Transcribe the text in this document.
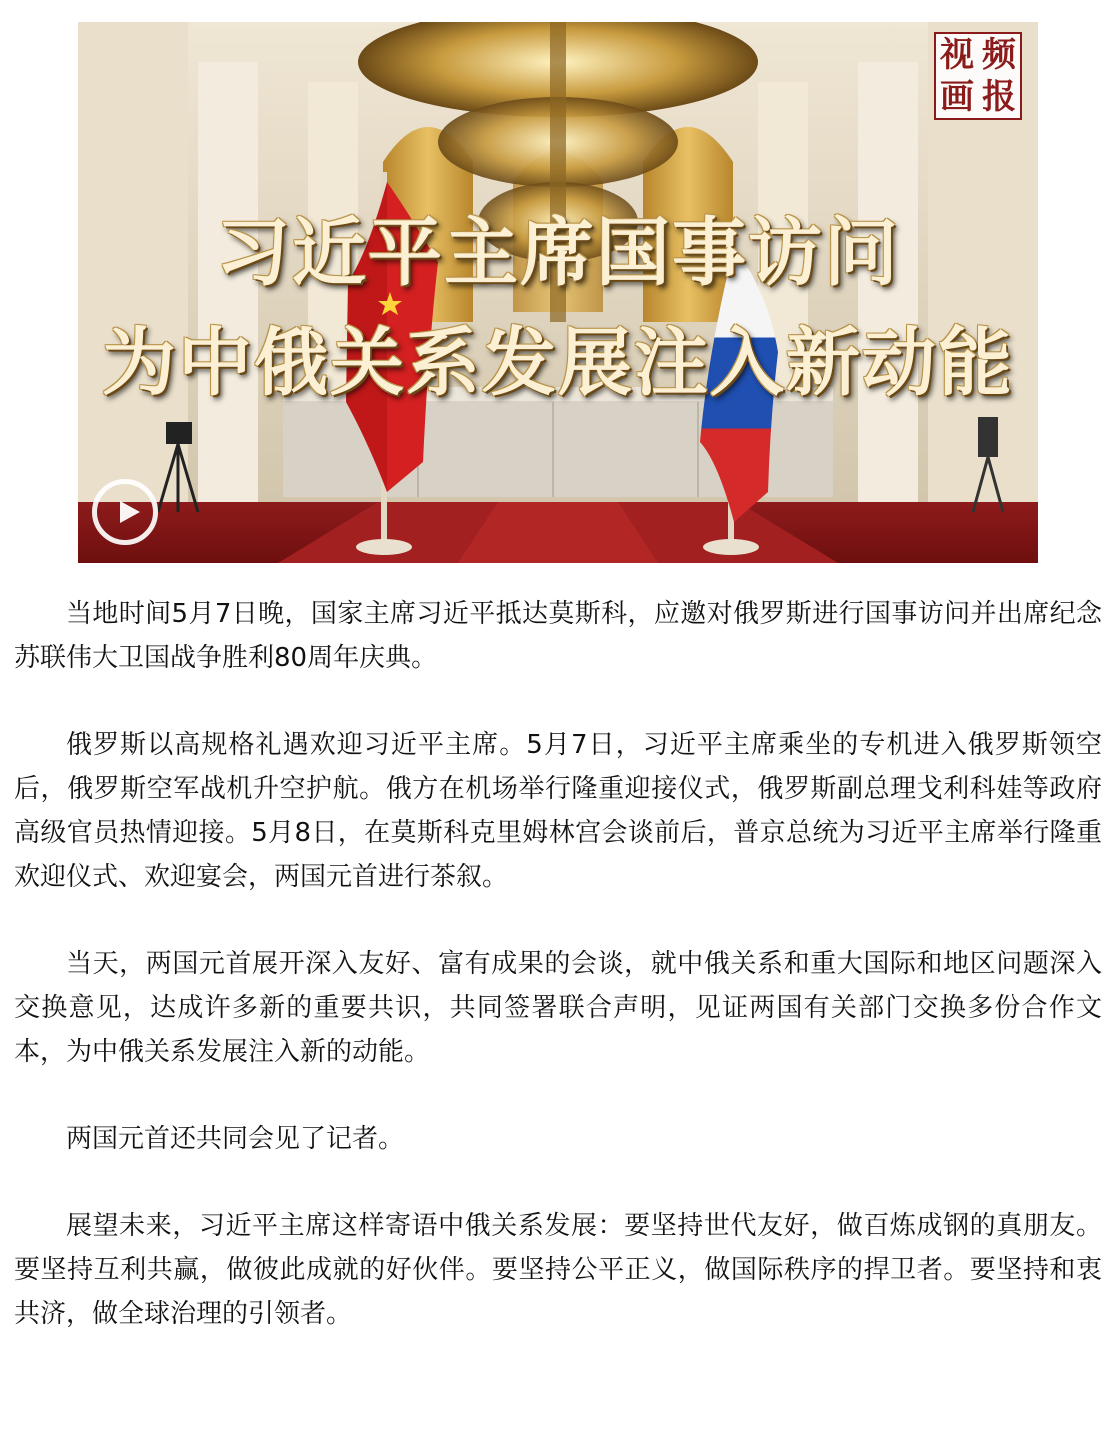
习近平主席国事访问
为中俄关系发展注入新动能
视 频
画 报

当地时间5月7日晚，国家主席习近平抵达莫斯科，应邀对俄罗斯进行国事访问并出席纪念苏联伟大卫国战争胜利80周年庆典。

俄罗斯以高规格礼遇欢迎习近平主席。5月7日，习近平主席乘坐的专机进入俄罗斯领空后，俄罗斯空军战机升空护航。俄方在机场举行隆重迎接仪式，俄罗斯副总理戈利科娃等政府高级官员热情迎接。5月8日，在莫斯科克里姆林宫会谈前后，普京总统为习近平主席举行隆重欢迎仪式、欢迎宴会，两国元首进行茶叙。

当天，两国元首展开深入友好、富有成果的会谈，就中俄关系和重大国际和地区问题深入交换意见，达成许多新的重要共识，共同签署联合声明，见证两国有关部门交换多份合作文本，为中俄关系发展注入新的动能。

两国元首还共同会见了记者。

展望未来，习近平主席这样寄语中俄关系发展：要坚持世代友好，做百炼成钢的真朋友。要坚持互利共赢，做彼此成就的好伙伴。要坚持公平正义，做国际秩序的捍卫者。要坚持和衷共济，做全球治理的引领者。
